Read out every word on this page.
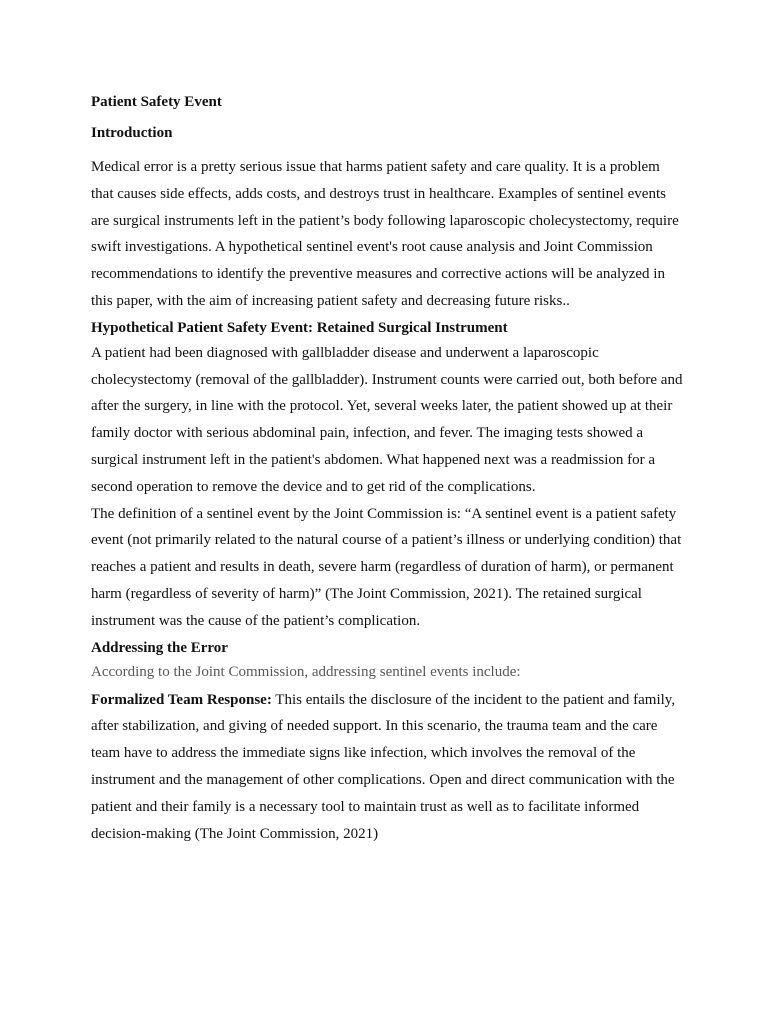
Patient Safety Event

Introduction

Medical error is a pretty serious issue that harms patient safety and care quality. It is a problem that causes side effects, adds costs, and destroys trust in healthcare. Examples of sentinel events are surgical instruments left in the patient’s body following laparoscopic cholecystectomy, require swift investigations. A hypothetical sentinel event's root cause analysis and Joint Commission recommendations to identify the preventive measures and corrective actions will be analyzed in this paper, with the aim of increasing patient safety and decreasing future risks..

Hypothetical Patient Safety Event: Retained Surgical Instrument

A patient had been diagnosed with gallbladder disease and underwent a laparoscopic cholecystectomy (removal of the gallbladder). Instrument counts were carried out, both before and after the surgery, in line with the protocol. Yet, several weeks later, the patient showed up at their family doctor with serious abdominal pain, infection, and fever. The imaging tests showed a surgical instrument left in the patient's abdomen. What happened next was a readmission for a second operation to remove the device and to get rid of the complications.

The definition of a sentinel event by the Joint Commission is: “A sentinel event is a patient safety event (not primarily related to the natural course of a patient’s illness or underlying condition) that reaches a patient and results in death, severe harm (regardless of duration of harm), or permanent harm (regardless of severity of harm)” (The Joint Commission, 2021). The retained surgical instrument was the cause of the patient’s complication.

Addressing the Error

According to the Joint Commission, addressing sentinel events include:

Formalized Team Response: This entails the disclosure of the incident to the patient and family, after stabilization, and giving of needed support. In this scenario, the trauma team and the care team have to address the immediate signs like infection, which involves the removal of the instrument and the management of other complications. Open and direct communication with the patient and their family is a necessary tool to maintain trust as well as to facilitate informed decision-making (The Joint Commission, 2021)
